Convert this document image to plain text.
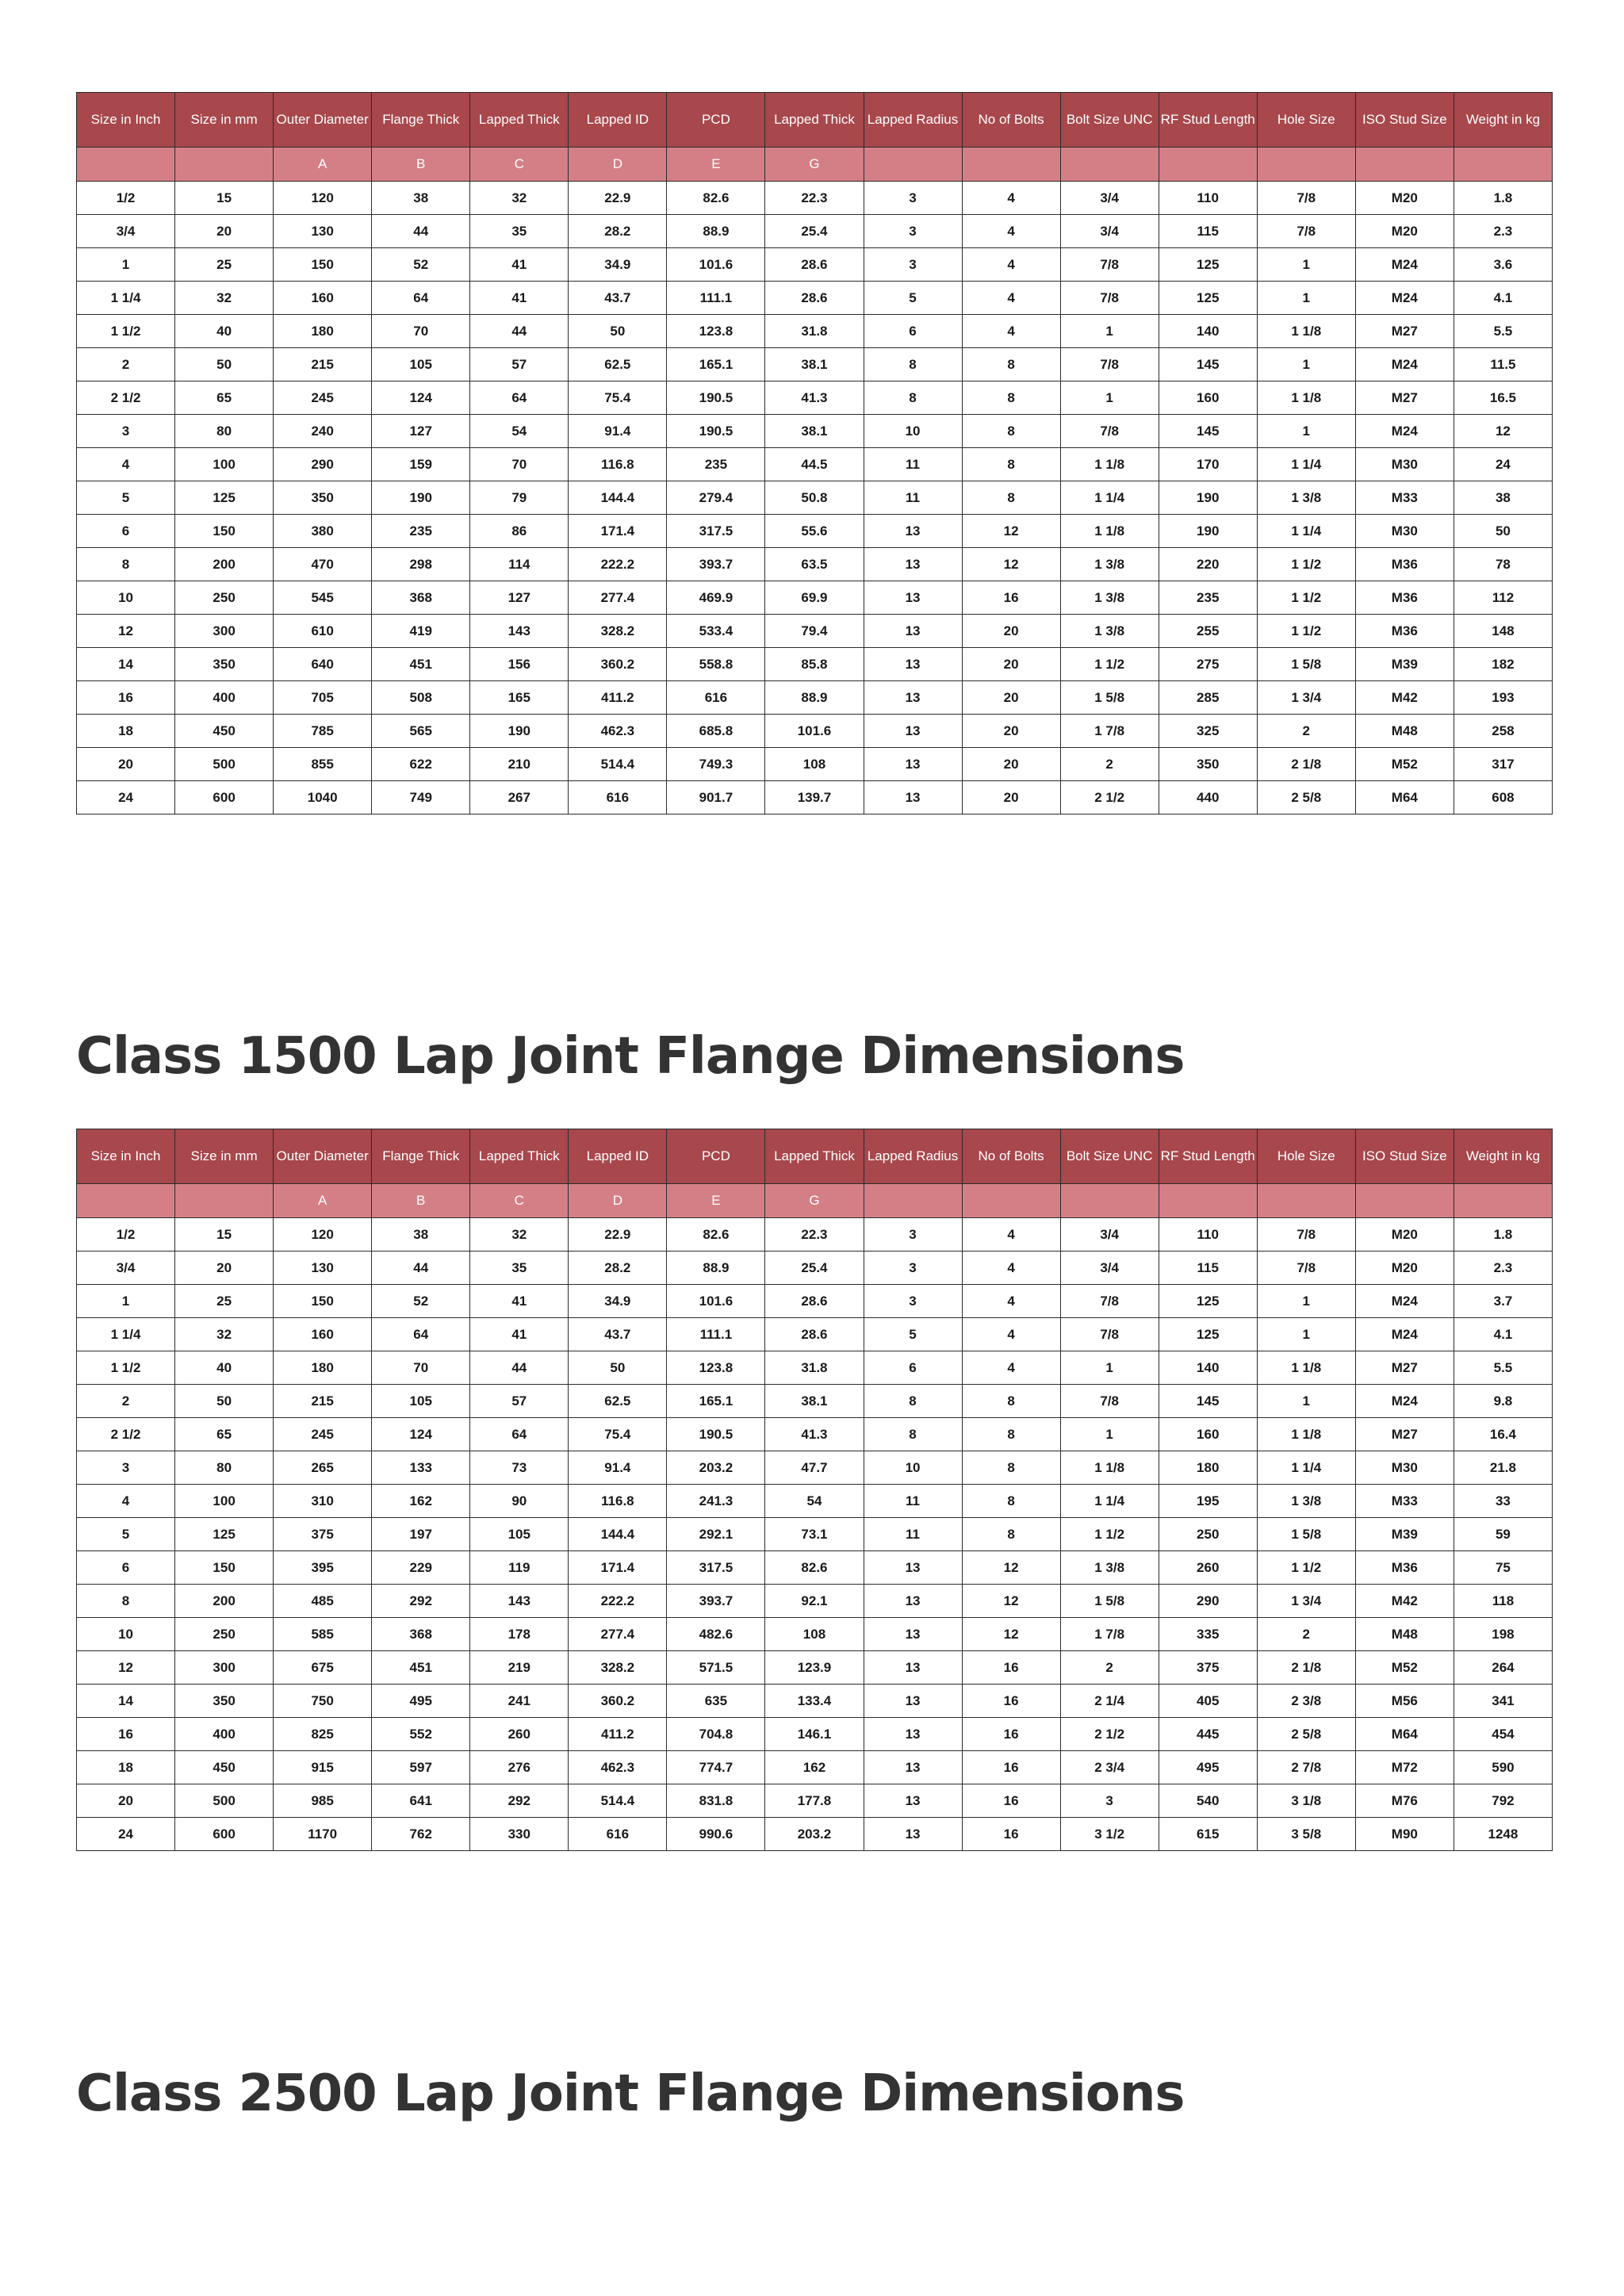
Size in Inch	Size in mm	Outer Diameter	Flange Thick	Lapped Thick	Lapped ID	PCD	Lapped Thick	Lapped Radius	No of Bolts	Bolt Size UNC	RF Stud Length	Hole Size	ISO Stud Size	Weight in kg
		A	B	C	D	E	G							
1/2	15	120	38	32	22.9	82.6	22.3	3	4	3/4	110	7/8	M20	1.8
3/4	20	130	44	35	28.2	88.9	25.4	3	4	3/4	115	7/8	M20	2.3
1	25	150	52	41	34.9	101.6	28.6	3	4	7/8	125	1	M24	3.6
1 1/4	32	160	64	41	43.7	111.1	28.6	5	4	7/8	125	1	M24	4.1
1 1/2	40	180	70	44	50	123.8	31.8	6	4	1	140	1 1/8	M27	5.5
2	50	215	105	57	62.5	165.1	38.1	8	8	7/8	145	1	M24	11.5
2 1/2	65	245	124	64	75.4	190.5	41.3	8	8	1	160	1 1/8	M27	16.5
3	80	240	127	54	91.4	190.5	38.1	10	8	7/8	145	1	M24	12
4	100	290	159	70	116.8	235	44.5	11	8	1 1/8	170	1 1/4	M30	24
5	125	350	190	79	144.4	279.4	50.8	11	8	1 1/4	190	1 3/8	M33	38
6	150	380	235	86	171.4	317.5	55.6	13	12	1 1/8	190	1 1/4	M30	50
8	200	470	298	114	222.2	393.7	63.5	13	12	1 3/8	220	1 1/2	M36	78
10	250	545	368	127	277.4	469.9	69.9	13	16	1 3/8	235	1 1/2	M36	112
12	300	610	419	143	328.2	533.4	79.4	13	20	1 3/8	255	1 1/2	M36	148
14	350	640	451	156	360.2	558.8	85.8	13	20	1 1/2	275	1 5/8	M39	182
16	400	705	508	165	411.2	616	88.9	13	20	1 5/8	285	1 3/4	M42	193
18	450	785	565	190	462.3	685.8	101.6	13	20	1 7/8	325	2	M48	258
20	500	855	622	210	514.4	749.3	108	13	20	2	350	2 1/8	M52	317
24	600	1040	749	267	616	901.7	139.7	13	20	2 1/2	440	2 5/8	M64	608
Class 1500 Lap Joint Flange Dimensions
Size in Inch	Size in mm	Outer Diameter	Flange Thick	Lapped Thick	Lapped ID	PCD	Lapped Thick	Lapped Radius	No of Bolts	Bolt Size UNC	RF Stud Length	Hole Size	ISO Stud Size	Weight in kg
		A	B	C	D	E	G							
1/2	15	120	38	32	22.9	82.6	22.3	3	4	3/4	110	7/8	M20	1.8
3/4	20	130	44	35	28.2	88.9	25.4	3	4	3/4	115	7/8	M20	2.3
1	25	150	52	41	34.9	101.6	28.6	3	4	7/8	125	1	M24	3.7
1 1/4	32	160	64	41	43.7	111.1	28.6	5	4	7/8	125	1	M24	4.1
1 1/2	40	180	70	44	50	123.8	31.8	6	4	1	140	1 1/8	M27	5.5
2	50	215	105	57	62.5	165.1	38.1	8	8	7/8	145	1	M24	9.8
2 1/2	65	245	124	64	75.4	190.5	41.3	8	8	1	160	1 1/8	M27	16.4
3	80	265	133	73	91.4	203.2	47.7	10	8	1 1/8	180	1 1/4	M30	21.8
4	100	310	162	90	116.8	241.3	54	11	8	1 1/4	195	1 3/8	M33	33
5	125	375	197	105	144.4	292.1	73.1	11	8	1 1/2	250	1 5/8	M39	59
6	150	395	229	119	171.4	317.5	82.6	13	12	1 3/8	260	1 1/2	M36	75
8	200	485	292	143	222.2	393.7	92.1	13	12	1 5/8	290	1 3/4	M42	118
10	250	585	368	178	277.4	482.6	108	13	12	1 7/8	335	2	M48	198
12	300	675	451	219	328.2	571.5	123.9	13	16	2	375	2 1/8	M52	264
14	350	750	495	241	360.2	635	133.4	13	16	2 1/4	405	2 3/8	M56	341
16	400	825	552	260	411.2	704.8	146.1	13	16	2 1/2	445	2 5/8	M64	454
18	450	915	597	276	462.3	774.7	162	13	16	2 3/4	495	2 7/8	M72	590
20	500	985	641	292	514.4	831.8	177.8	13	16	3	540	3 1/8	M76	792
24	600	1170	762	330	616	990.6	203.2	13	16	3 1/2	615	3 5/8	M90	1248
Class 2500 Lap Joint Flange Dimensions
